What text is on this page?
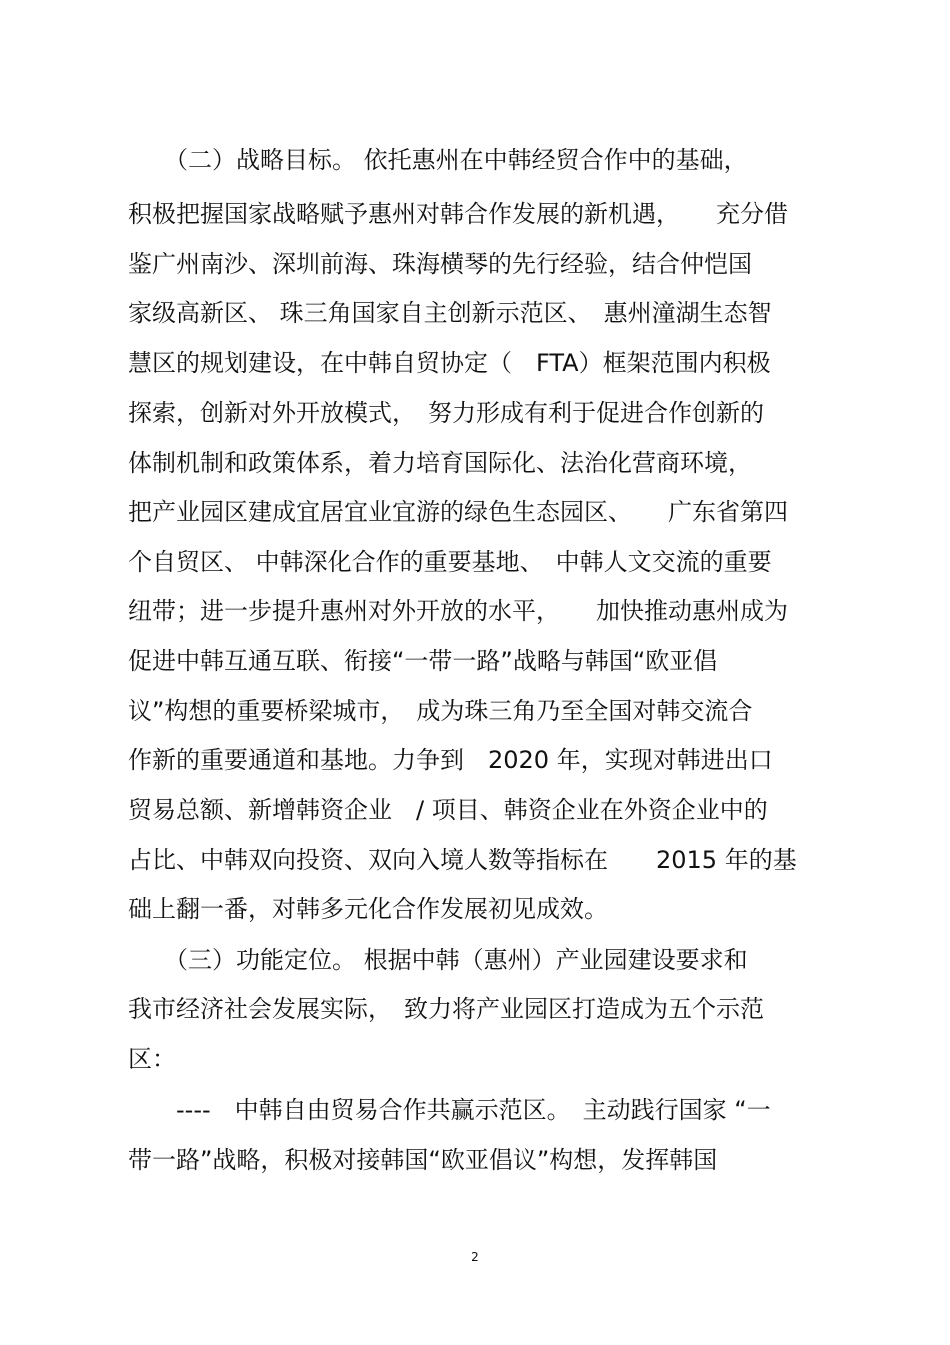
　　（二）战略目标。 依托惠州在中韩经贸合作中的基础，
积极把握国家战略赋予惠州对韩合作发展的新机遇，　　充分借
鉴广州南沙、深圳前海、珠海横琴的先行经验，结合仲恺国
家级高新区、 珠三角国家自主创新示范区、　惠州潼湖生态智
慧区的规划建设，在中韩自贸协定（　FTA）框架范围内积极
探索，创新对外开放模式，　努力形成有利于促进合作创新的
体制机制和政策体系，着力培育国际化、法治化营商环境，
把产业园区建成宜居宜业宜游的绿色生态园区、　　广东省第四
个自贸区、 中韩深化合作的重要基地、　中韩人文交流的重要
纽带；进一步提升惠州对外开放的水平，　　加快推动惠州成为
促进中韩互通互联、衔接“一带一路”战略与韩国“欧亚倡
议”构想的重要桥梁城市，　成为珠三角乃至全国对韩交流合
作新的重要通道和基地。力争到　2020 年，实现对韩进出口
贸易总额、新增韩资企业　/ 项目、韩资企业在外资企业中的
占比、中韩双向投资、双向入境人数等指标在　　2015 年的基
础上翻一番，对韩多元化合作发展初见成效。
　　（三）功能定位。 根据中韩（惠州）产业园建设要求和
我市经济社会发展实际，　致力将产业园区打造成为五个示范
区：
　　----　中韩自由贸易合作共赢示范区。　主动践行国家 “一
带一路”战略，积极对接韩国“欧亚倡议”构想，发挥韩国
2
